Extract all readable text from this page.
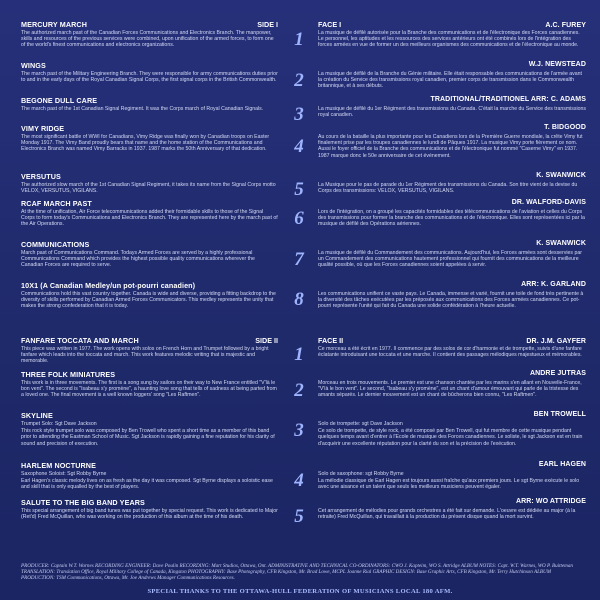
MERCURY MARCH	SIDE I
The authorized march past of the Canadian Forces Communications and Electronics Branch. The manpower, skills and resources of the previous services were combined, upon unification of the armed forces, to form one of the world's finest communications and electronics organizations.	1
FACE I	A.C. FUREY
La musique de défilé autorisée pour la Branche des communications et de l'électronique des Forces canadiennes. Le personnel, les aptitudes et les ressources des services antérieurs ont été combinés lors de l'intégration des forces armées en vue de former un des meilleurs organismes des communications et de l'électronique au monde.
WINGS
The march past of the Military Engineering Branch. They were responsible for army communications duties prior to and in the early days of the Royal Canadian Signal Corps, the first signal corps in the British Commonwealth. 2
W.J. NEWSTEAD
La musique de défilé de la Branche du Génie militaire. Elle était responsable des communications de l'armée avant la création du Service des transmissions royal canadien, premier corps de transmission dans le Commonwealth britannique, et à ses débuts.
BEGONE DULL CARE
The march past of the 1st Canadian Signal Regiment. It was the Corps march of Royal Canadian Signals.	3
TRADITIONAL/TRADITIONEL ARR: C. ADAMS
La musique de défilé du 1er Régiment des transmissions du Canada. C'était la marche du Service des transmissions royal canadien.
VIMY RIDGE
The most significant battle of WWI for Canadians, Vimy Ridge was finally won by Canadian troops on Easter Monday 1917. The Vimy Band proudly bears that name and the home station of the Communications and Electronics Branch was named Vimy Barracks in 1937. 1987 marks the 50th Anniversary of that dedication.	4
T. BIDGOOD
Au cours de la bataille la plus importante pour les Canadiens lors de la Première Guerre mondiale, la crête Vimy fut finalement prise par les troupes canadiennes le lundi de Pâques 1917. La musique Vimy porte fièrement ce nom. Aussi le foyer officiel de la Branche des communications et de l'électronique fut nommé "Caserne Vimy" en 1937. 1987 marque donc le 50e anniversaire de cet événement.
VERSUTUS
The authorized slow march of the 1st Canadian Signal Regiment, it takes its name from the Signal Corps motto VELOX, VERSUTUS, VIGILANS.	5
K. SWANWICK
La Musique pour le pas de parade du 1er Régiment des transmissions du Canada. Son titre vient de la devise du Corps des transmissions: VELOX, VERSUTUS, VIGILANS.
RCAF MARCH PAST
At the time of unification, Air Force telecommunications added their formidable skills to those of the Signal Corps to form today's Communications and Electronics Branch. They are represented here by the march past of the Air Operations.	6
DR. WALFORD-DAVIS
Lors de l'intégration, on a groupé les capacités formidables des télécommunications de l'aviation et celles du Corps des transmissions pour former la branche des communications et de l'électronique. Elles sont représentées ici par la musique de défilé des Opérations aériennes.
COMMUNICATIONS
March past of Communications Command. Todays Armed Forces are served by a highly professional Communications Command which provides the highest possible quality communications wherever the Canadian Forces are required to serve.	7
K. SWANWICK
La musique de défilé du Commandement des communications. Aujourd'hui, les Forces armées sont desservies par un Commandement des communications hautement professionnel qui fournit des communications de la meilleure qualité possible, où que les Forces canadiennes soient appelées à servir.
10X1 (A Canadian Medley/un pot-pourri canadien)
Communications hold this vast country together. Canada is wide and diverse, providing a fitting backdrop to the diversity of skills performed by Canadian Armed Forces Communicators. This medley represents the unity that makes the strong confederation that it is today.	8
ARR: K. GARLAND
Les communications unifient ce vaste pays. Le Canada, immense et varié, fournit une toile de fond très pertinente à la diversité des tâches exécutées par les préposés aux communications des Forces armées canadiennes. Ce pot-pourri représente l'unité qui fait du Canada une solide confédération à l'heure actuelle.
FANFARE TOCCATA AND MARCH	SIDE II
This piece was written in 1977. The work opens with solos on French Horn and Trumpet followed by a bright fanfare which leads into the toccata and march. This work features melodic writing that is majestic and memorable.	1
FACE II	DR. J.M. GAYFER
Ce morceau a été écrit en 1977. Il commence par des solos de cor d'harmonie et de trompette, suivis d'une fanfare éclatante introduisant une toccata et une marche. Il contient des passages mélodiques majestueux et mémorables.
THREE FOLK MINIATURES
This work is in three movements. The first is a song sung by sailors on their way to New France entitled "V'là le bon vent". The second is "Isabeau s'y promène", a haunting love song that tells of sadness at being parted from a loved one. The final movement is a well known loggers' song "Les Raftmen".	2
ANDRE JUTRAS
Morceau en trois mouvements. Le premier est une chanson chantée par les marins s'en allant en Nouvelle-France, "V'là le bon vent". Le second, "Isabeau s'y promène", est un chant d'amour émouvant qui parle de la tristesse des amants séparés. Le dernier mouvement est un chant de bûcherons bien connu, "Les Raftmen".
SKYLINE
Trumpet Solo: Sgt Dave Jackson
This rock style trumpet solo was composed by Ben Trowell who spent a short time as a member of this band prior to attending the Eastman School of Music. Sgt Jackson is rapidly gaining a fine reputation for his clarity of sound and precision of execution.
3
BEN TROWELL
Solo de trompette: sgt Dave Jackson
Ce solo de trompette, de style rock, a été composé par Ben Trowell, qui fut membre de cette musique pendant quelques temps avant d'entrer à l'Ecole de musique des Forces canadiennes. Le soliste, le sgt Jackson est en train d'acquérir une excellente réputation pour la clarté du son et la précision de l'exécution.
HARLEM NOCTURNE
Saxophone Soloist: Sgt Robby Byrne
Earl Hagen's classic melody lives on as fresh as the day it was composed. Sgt Byrne displays a soloistic ease and skill that is only equalled by the best of players.	4
EARL HAGEN
Solo de saxophone: sgt Robby Byrne
La mélodie classique de Earl Hagen est toujours aussi fraîche qu'aux premiers jours. Le sgt Byrne exécute le solo avec une aisance et un talent que seuls les meilleurs musiciens peuvent égaler.
SALUTE TO THE BIG BAND YEARS
This special arrangement of big band tunes was put together by special request. This work is dedicated to Major (Ret'd) Fred McQuillan, who was working on the production of this album at the time of his death.	5
ARR: WO ATTRIDGE
Cet arrangement de mélodies pour grands orchestres a été fait sur demande. L'oeuvre est dédiée au major (à la retraite) Fred McQuillan, qui travaillait à la production du présent disque quand la mort survint.
PRODUCER: Captain W.T. Warnes RECORDING ENGINEER: Dave Poulin RECORDING: Mart Studios, Ottawa, Ont. ADMINISTRATIVE AND TECHNICAL CO-ORDINATORS: CWO J. Kapteim, WO S. Attridge ALBUM NOTES: Capt. W.T. Warnes, WO P. Buitteman TRANSLATION: Translation Office, Royal Military College of Canada, Kingston PHOTOGRAPHY: Base Photography, CFB Kingston, Mr. Brad Lowe, MCPL Joanne Rial GRAPHIC DESIGN: Base Graphic Arts, CFB Kingston, Mr. Terry Hutchinson ALBUM PRODUCTION: TSM Communications, Ottawa, Mr. Joe Andrews Manager Communications Resources.
SPECIAL THANKS TO THE OTTAWA-HULL FEDERATION OF MUSICIANS LOCAL 180 AFM.
